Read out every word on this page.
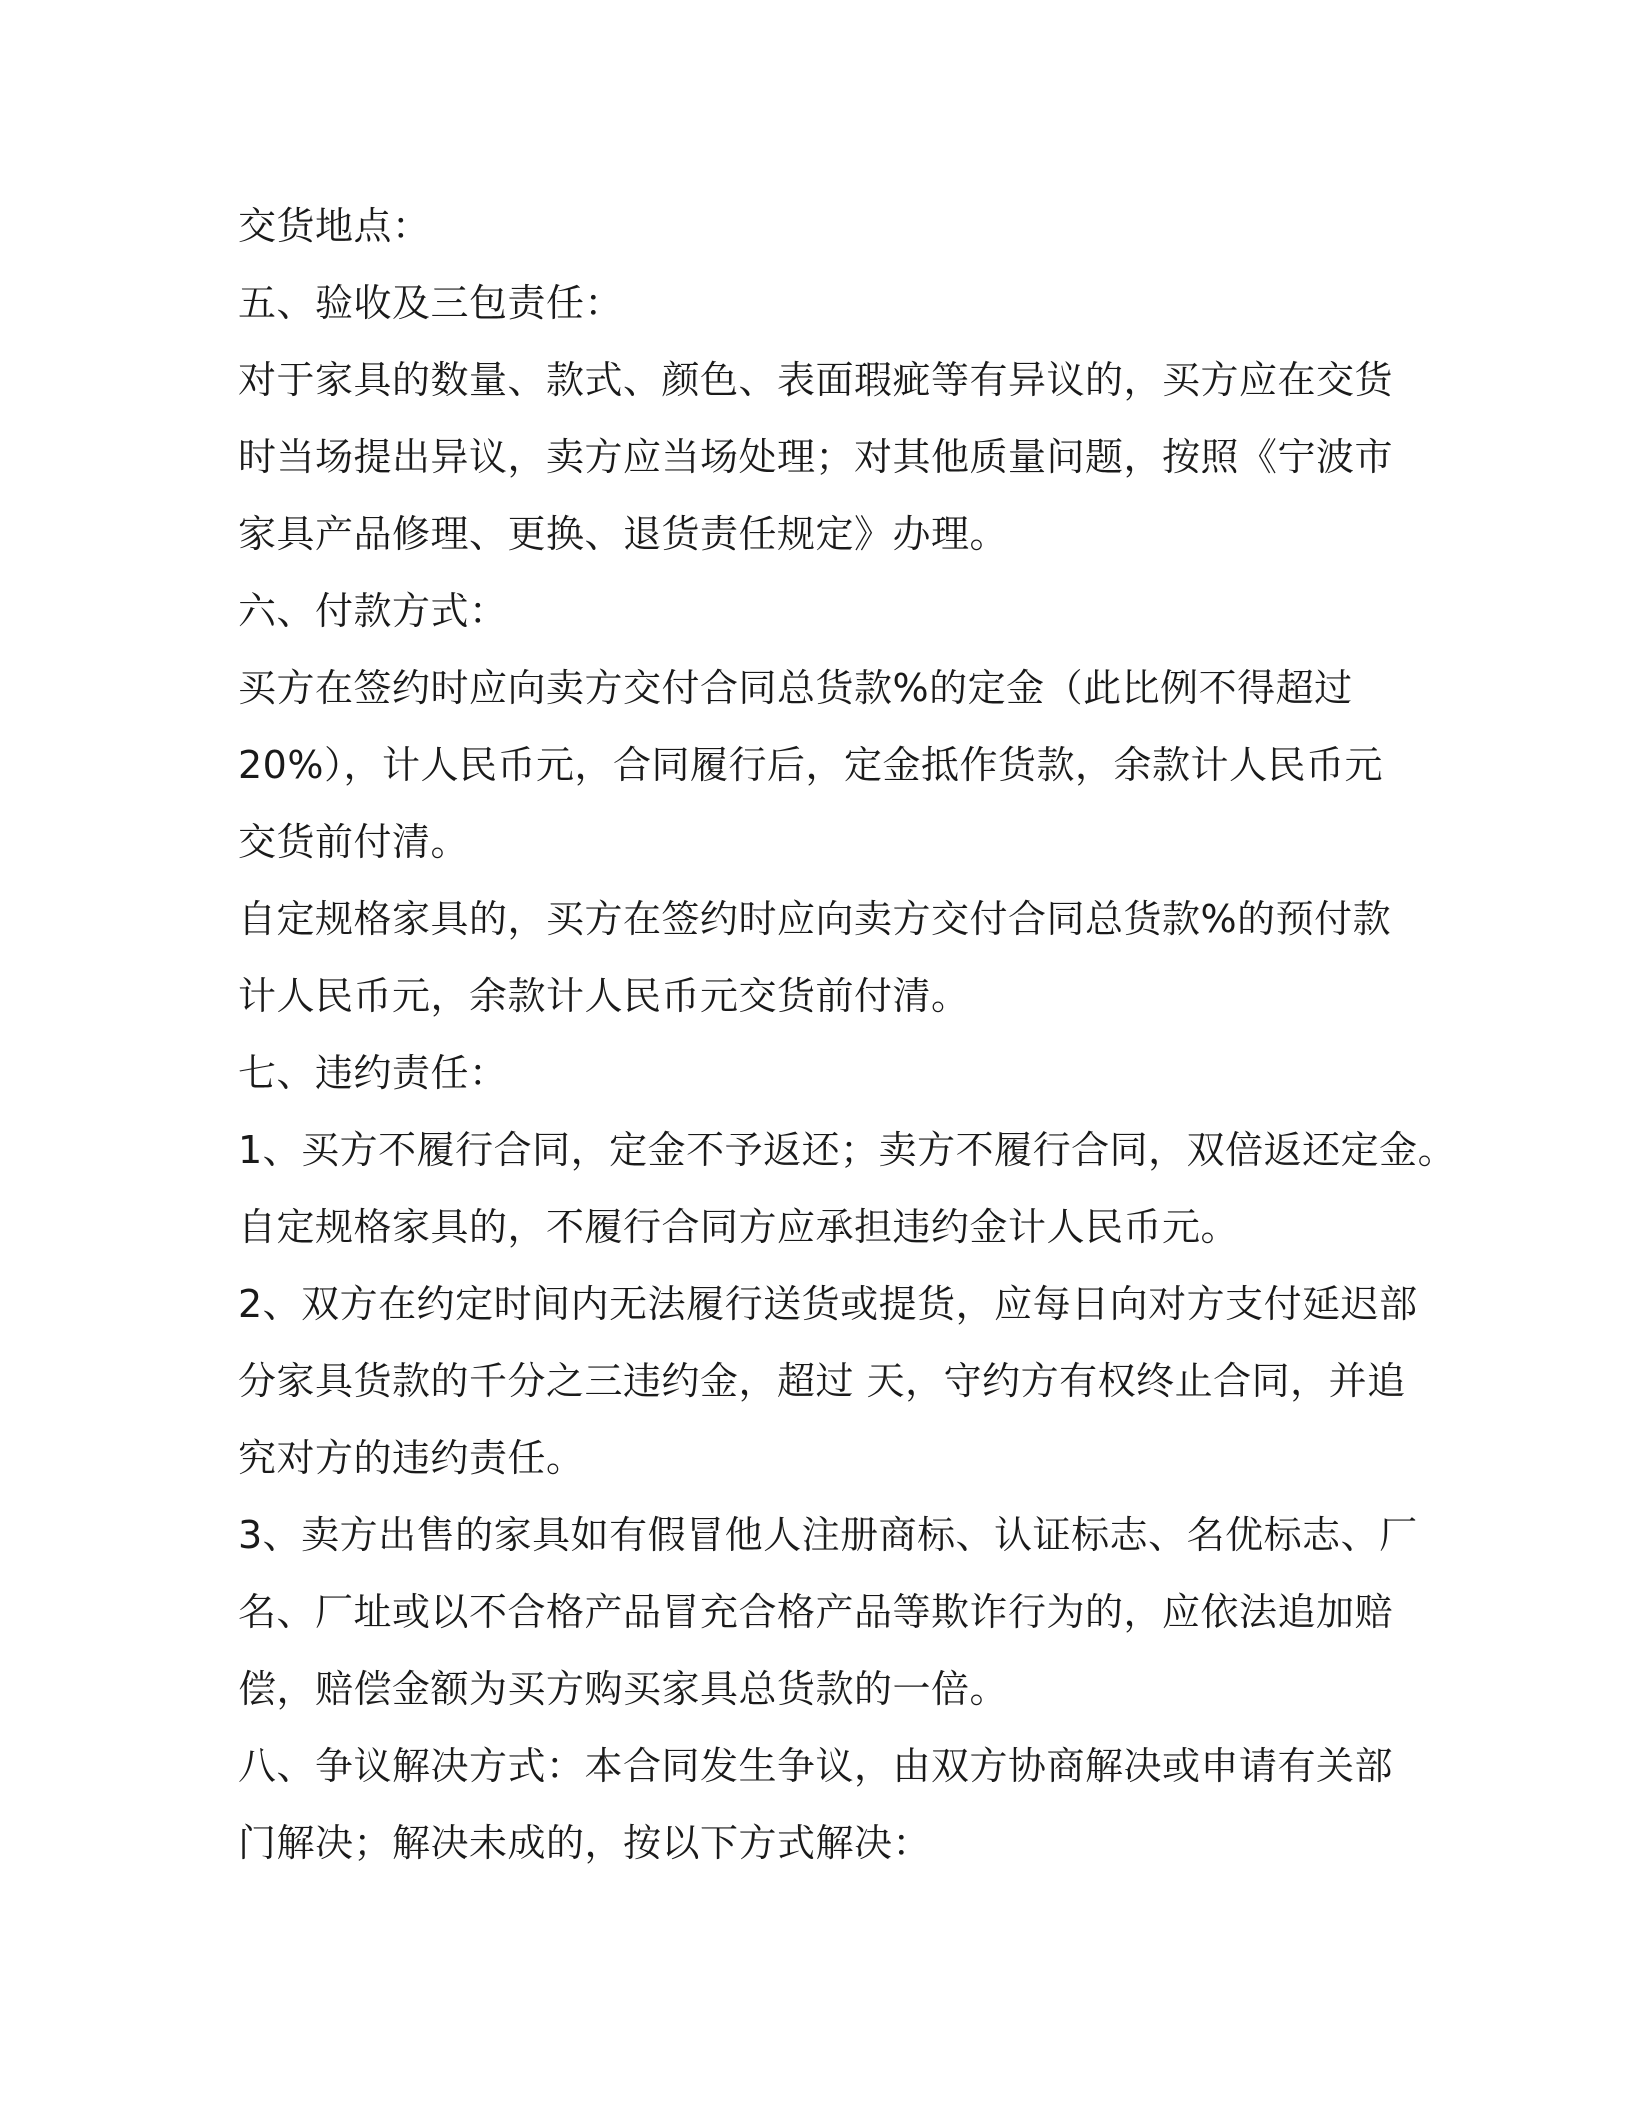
交货地点：
五、验收及三包责任：
对于家具的数量、款式、颜色、表面瑕疵等有异议的，买方应在交货
时当场提出异议，卖方应当场处理；对其他质量问题，按照《宁波市
家具产品修理、更换、退货责任规定》办理。
六、付款方式：
买方在签约时应向卖方交付合同总货款%的定金（此比例不得超过
20%），计人民币元，合同履行后，定金抵作货款，余款计人民币元
交货前付清。
自定规格家具的，买方在签约时应向卖方交付合同总货款%的预付款
计人民币元，余款计人民币元交货前付清。
七、违约责任：
1、买方不履行合同，定金不予返还；卖方不履行合同，双倍返还定金。
自定规格家具的，不履行合同方应承担违约金计人民币元。
2、双方在约定时间内无法履行送货或提货，应每日向对方支付延迟部
分家具货款的千分之三违约金，超过 天，守约方有权终止合同，并追
究对方的违约责任。
3、卖方出售的家具如有假冒他人注册商标、认证标志、名优标志、厂
名、厂址或以不合格产品冒充合格产品等欺诈行为的，应依法追加赔
偿，赔偿金额为买方购买家具总货款的一倍。
八、争议解决方式：本合同发生争议，由双方协商解决或申请有关部
门解决；解决未成的，按以下方式解决：
